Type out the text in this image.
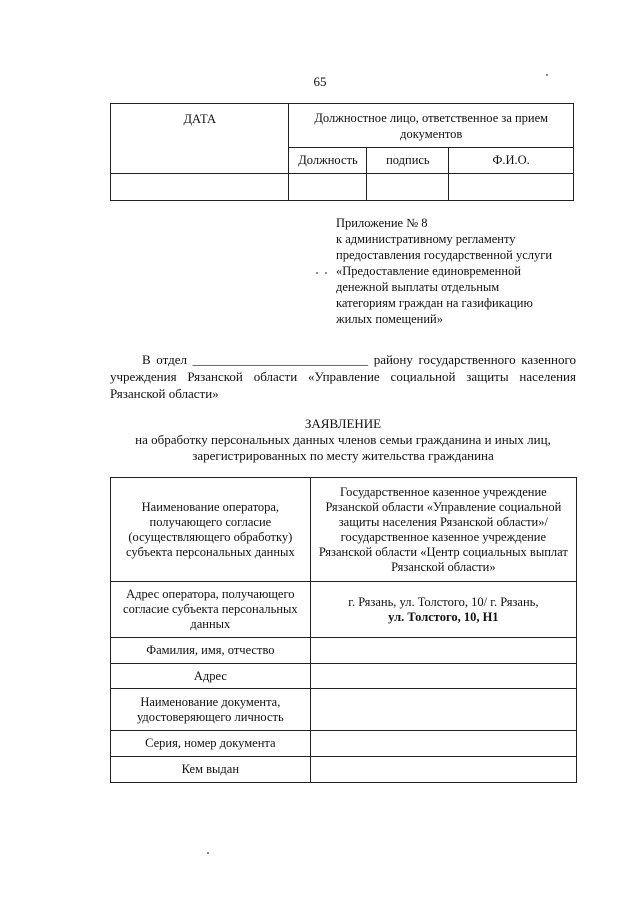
65
ДАТА	Должностное лицо, ответственное за прием документов		
	Должность	подпись	Ф.И.О.

Приложение № 8
к административному регламенту
предоставления государственной услуги
«Предоставление единовременной
денежной выплаты отдельным
категориям граждан на газификацию
жилых помещений»
В отдел ___________________________ району государственного казенного
учреждения Рязанской области «Управление социальной защиты населения
Рязанской области»
ЗАЯВЛЕНИЕ
на обработку персональных данных членов семьи гражданина и иных лиц,
зарегистрированных по месту жительства гражданина
Наименование оператора, получающего согласие (осуществляющего обработку) субъекта персональных данных	Государственное казенное учреждение Рязанской области «Управление социальной защиты населения Рязанской области»/ государственное казенное учреждение Рязанской области «Центр социальных выплат Рязанской области»
Адрес оператора, получающего согласие субъекта персональных данных	г. Рязань, ул. Толстого, 10/ г. Рязань,
ул. Толстого, 10, Н1

Фамилия, имя, отчество	
Адрес	
Наименование документа, удостоверяющего личность	
Серия, номер документа	
Кем выдан	
